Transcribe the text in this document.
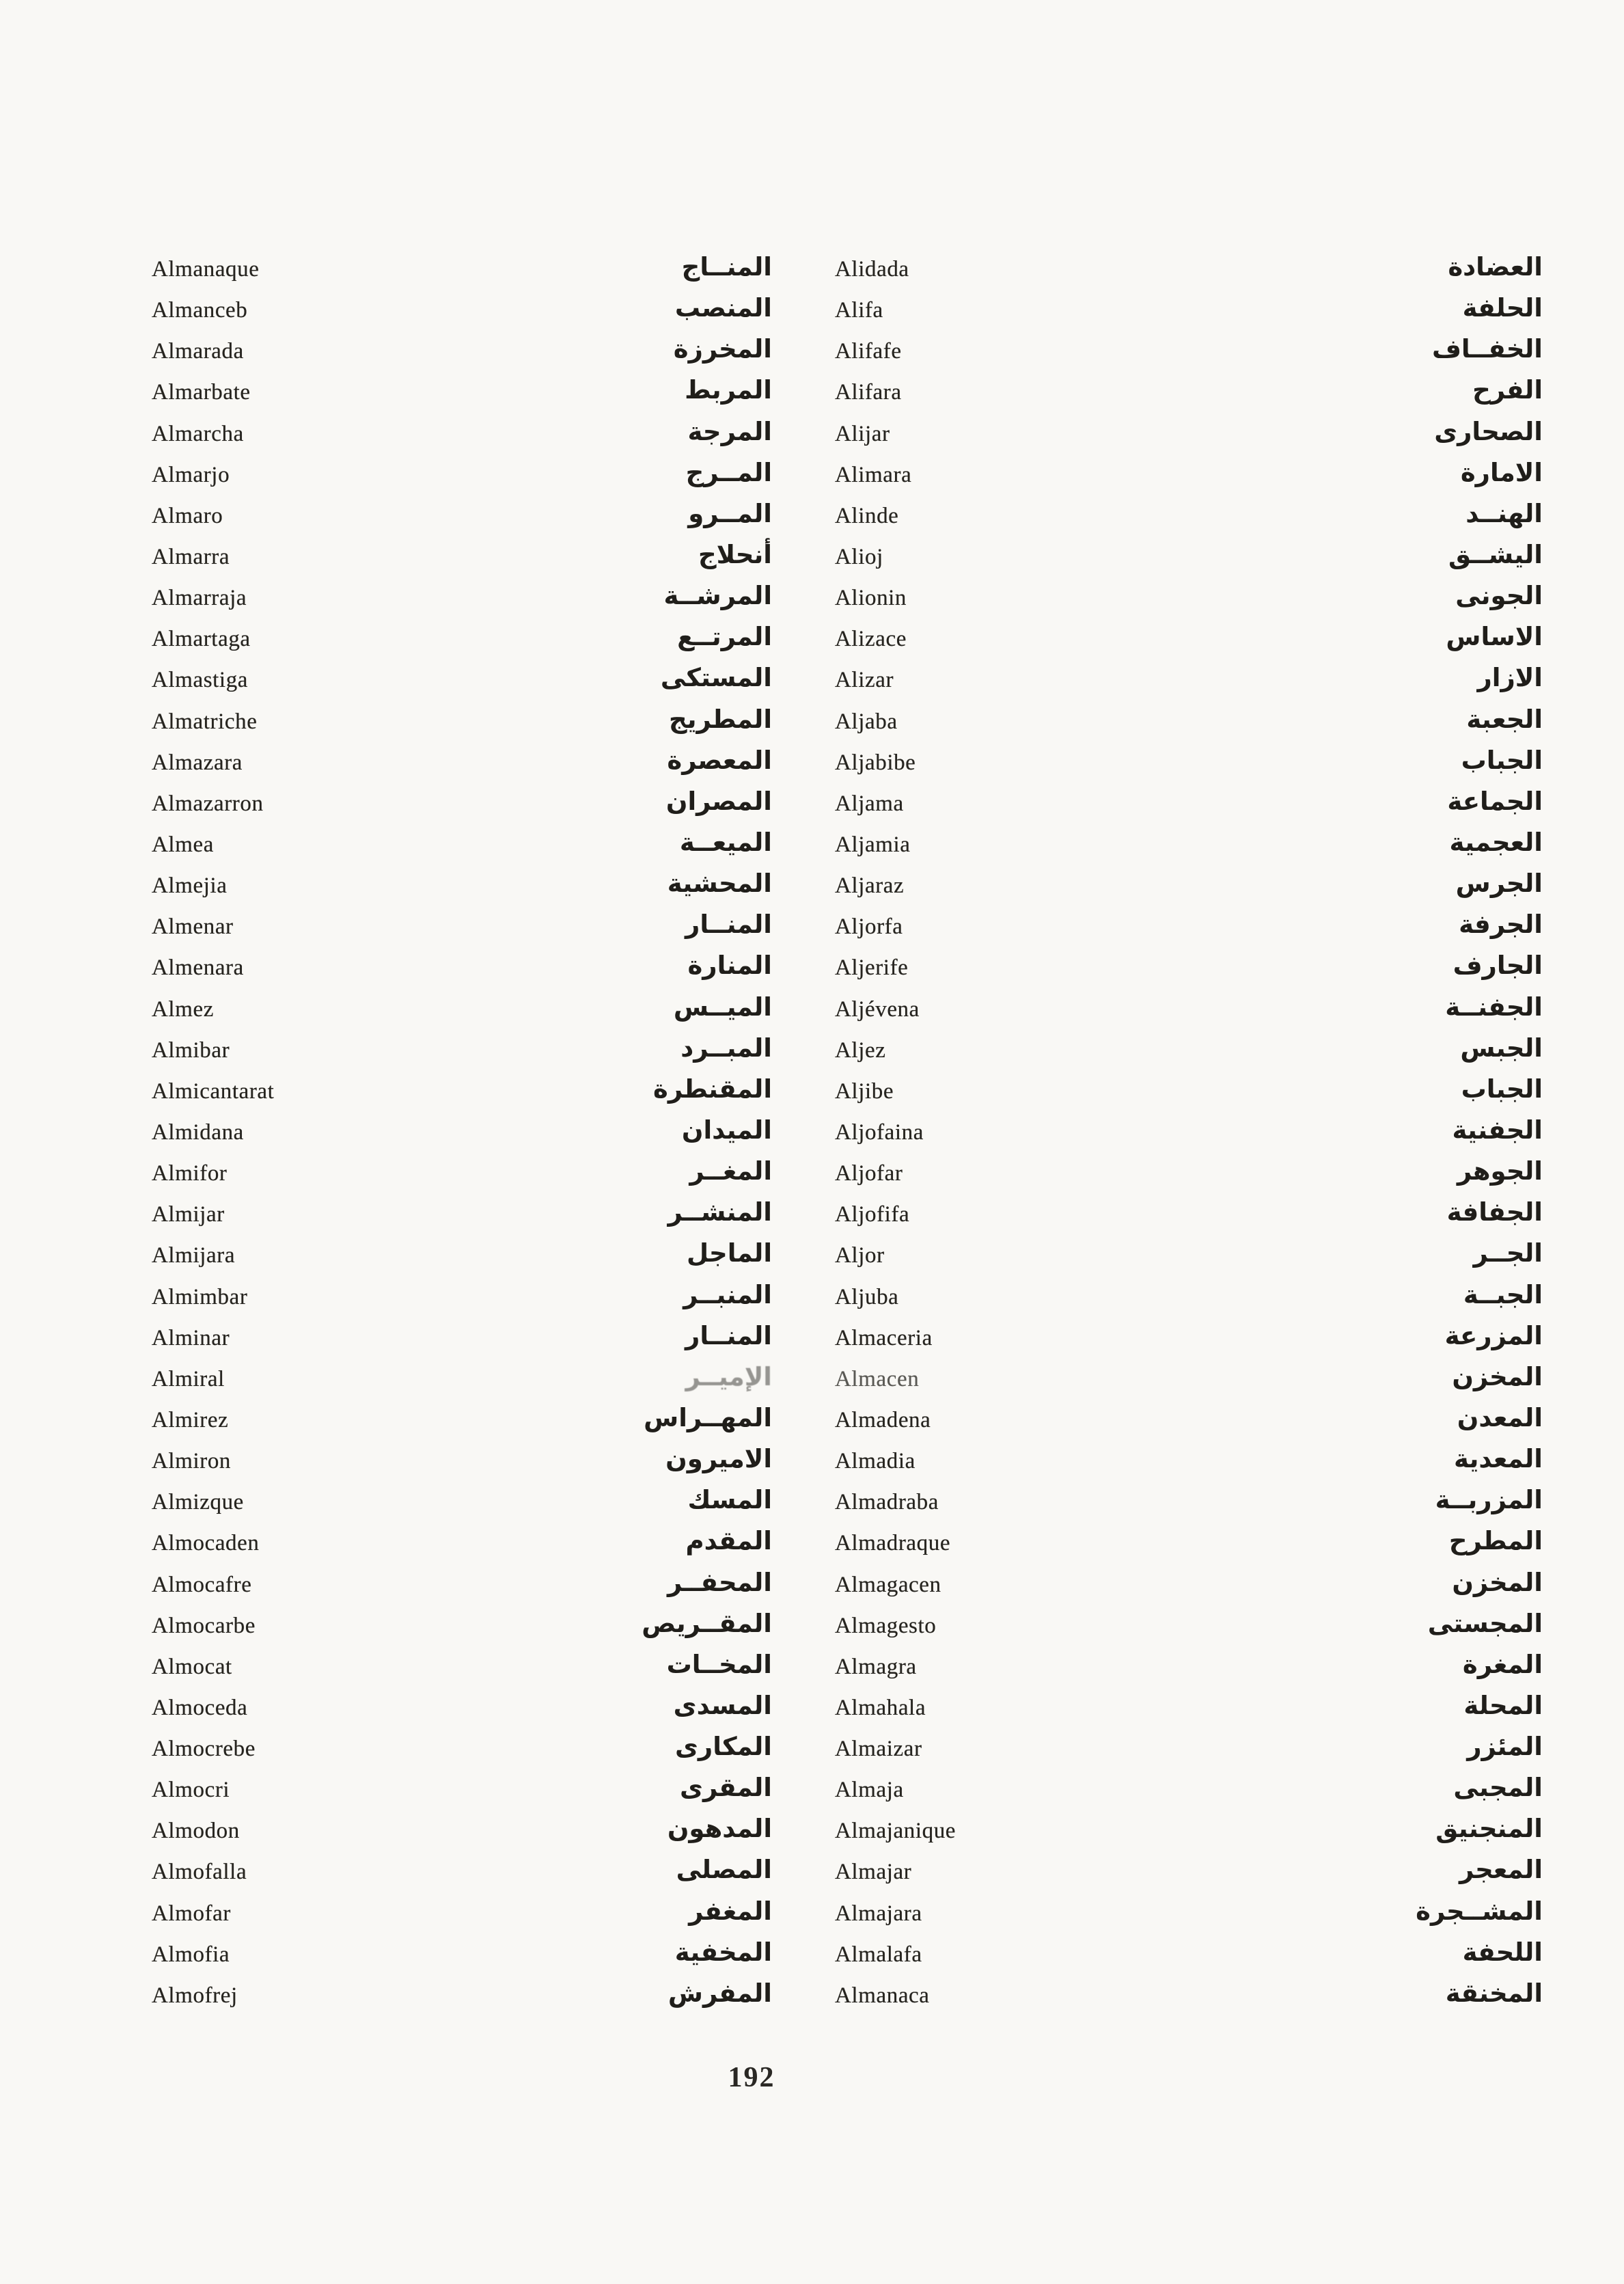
Almanaque	المنــاج
Almanceb	المنصب
Almarada	المخرزة
Almarbate	المربط
Almarcha	المرجة
Almarjo	المــرج
Almaro	المــرو
Almarra	أنحلاج
Almarraja	المرشــة
Almartaga	المرتــع
Almastiga	المستكى
Almatriche	المطريج
Almazara	المعصرة
Almazarron	المصران
Almea	الميعــة
Almejia	المحشية
Almenar	المنــار
Almenara	المنارة
Almez	الميــس
Almibar	المبــرد
Almicantarat	المقنطرة
Almidana	الميدان
Almifor	المغــر
Almijar	المنشــر
Almijara	الماجل
Almimbar	المنبــر
Alminar	المنــار
Almiral	الإميــر
Almirez	المهــراس
Almiron	الاميرون
Almizque	المسك
Almocaden	المقدم
Almocafre	المحفــر
Almocarbe	المقــريص
Almocat	المخــات
Almoceda	المسدى
Almocrebe	المكارى
Almocri	المقرى
Almodon	المدهون
Almofalla	المصلى
Almofar	المغفر
Almofia	المخفية
Almofrej	المفرش
Alidada	العضادة
Alifa	الحلفة
Alifafe	الخفــاف
Alifara	الفرح
Alijar	الصحارى
Alimara	الامارة
Alinde	الهنــد
Alioj	اليشــق
Alionin	الجونى
Alizace	الاساس
Alizar	الازار
Aljaba	الجعبة
Aljabibe	الجباب
Aljama	الجماعة
Aljamia	العجمية
Aljaraz	الجرس
Aljorfa	الجرفة
Aljerife	الجارف
Aljévena	الجفنــة
Aljez	الجبس
Aljibe	الجباب
Aljofaina	الجفنية
Aljofar	الجوهر
Aljofifa	الجفافة
Aljor	الجــر
Aljuba	الجبــة
Almaceria	المزرعة
Almacen	المخزن
Almadena	المعدن
Almadia	المعدية
Almadraba	المزربــة
Almadraque	المطرح
Almagacen	المخزن
Almagesto	المجستى
Almagra	المغرة
Almahala	المحلة
Almaizar	المئزر
Almaja	المجبى
Almajanique	المنجنيق
Almajar	المعجر
Almajara	المشــجرة
Almalafa	اللحفة
Almanaca	المخنقة
192
